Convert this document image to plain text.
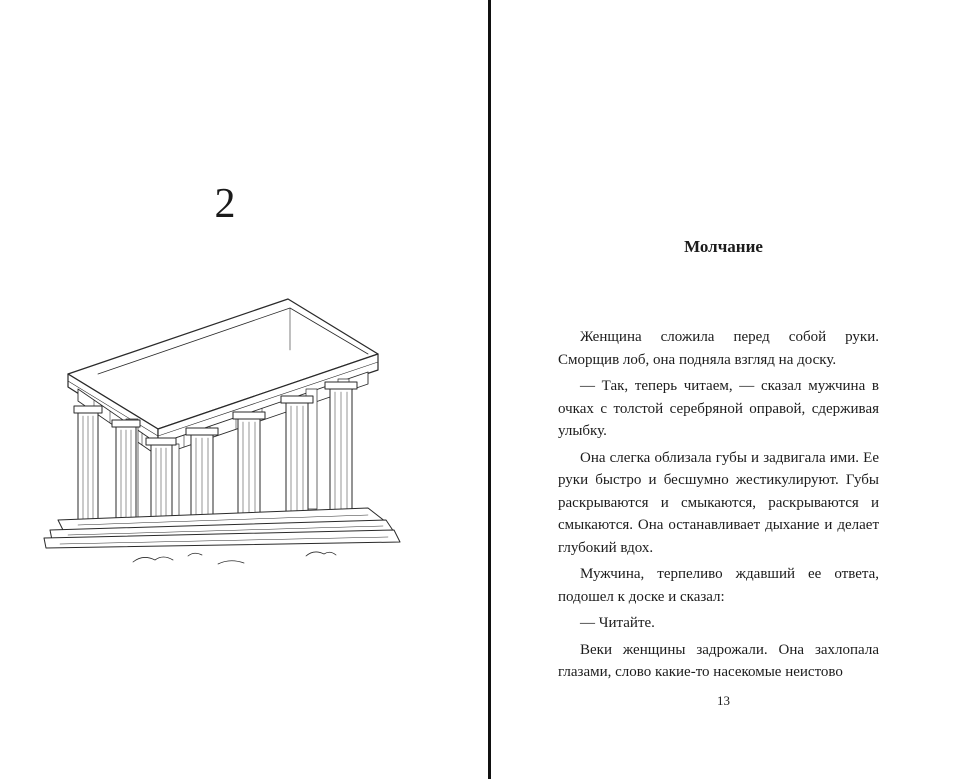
2
Молчание

Женщина сложила перед собой руки. Сморщив лоб, она подняла взгляд на доску.

— Так, теперь читаем, — сказал мужчина в очках с толстой серебряной оправой, сдерживая улыбку.

Она слегка облизала губы и задвигала ими. Ее руки быстро и бесшумно жестикулируют. Губы раскрываются и смыкаются, раскрываются и смыкаются. Она останавливает дыхание и делает глубокий вдох.

Мужчина, терпеливо ждавший ее ответа, подошел к доске и сказал:

— Читайте.

Веки женщины задрожали. Она захлопала глазами, слово какие-то насекомые неистово

13
